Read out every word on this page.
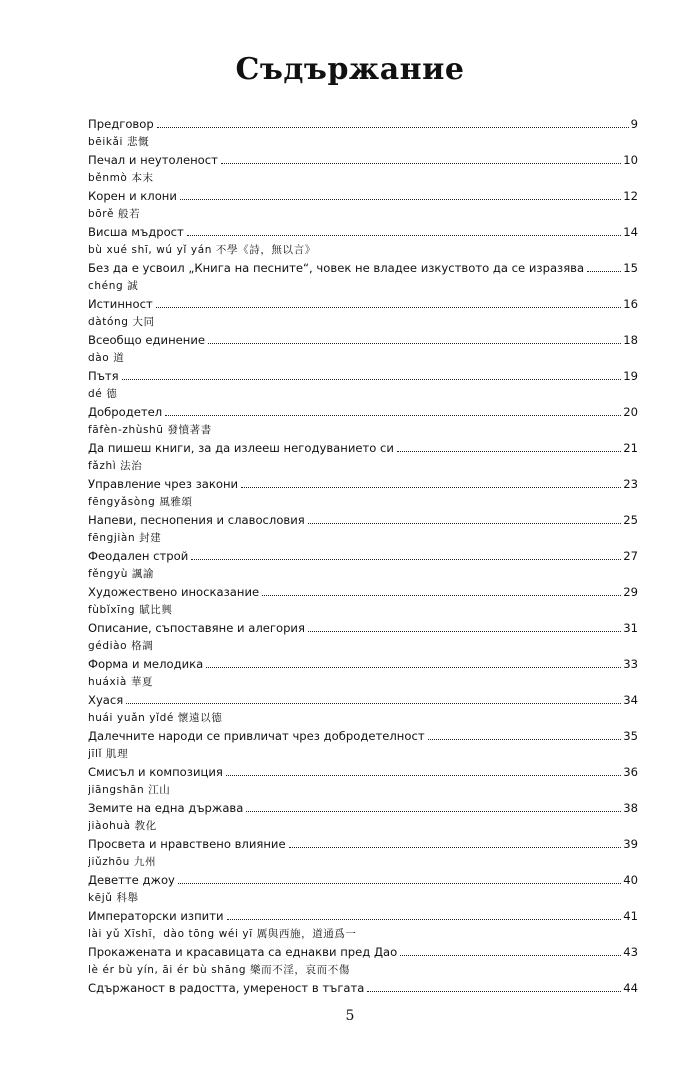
Съдържание
Предговор	9
bēikǎi 悲慨
Печал и неутоленост	10
běnmò 本末
Корен и клони	12
bōrě 般若
Висша мъдрост	14
bù xué shī, wú yǐ yán 不學《詩，無以言》
Без да е усвоил „Книга на песните“, човек не владее изкуството да се изразява	15
chéng 誠
Истинност	16
dàtóng 大同
Всеобщо единение	18
dào 道
Пътя	19
dé 德
Добродетел	20
fāfèn-zhùshū 發憤著書
Да пишеш книги, за да излееш негодуванието си	21
fǎzhì 法治
Управление чрез закони	23
fēngyǎsòng 風雅頌
Напеви, песнопения и славословия	25
fēngjiàn 封建
Феодален строй	27
fěngyù 諷諭
Художествено иносказание	29
fùbǐxīng 賦比興
Описание, съпоставяне и алегория	31
gédiào 格調
Форма и мелодика	33
huáxià 華夏
Хуася	34
huái yuǎn yǐdé 懷遠以德
Далечните народи се привличат чрез добродетелност	35
jīlǐ 肌理
Смисъл и композиция	36
jiāngshān 江山
Земите на една държава	38
jiàohuà 教化
Просвета и нравствено влияние	39
jiǔzhōu 九州
Деветте джоу	40
kējǔ 科舉
Императорски изпити	41
lài yǔ Xīshī，dào tōng wéi yī 厲與西施，道通爲一
Прокажената и красавицата са еднакви пред Дао	43
lè ér bù yín, āi ér bù shāng 樂而不淫，哀而不傷
Сдържаност в радостта, умереност в тъгата	44
5
